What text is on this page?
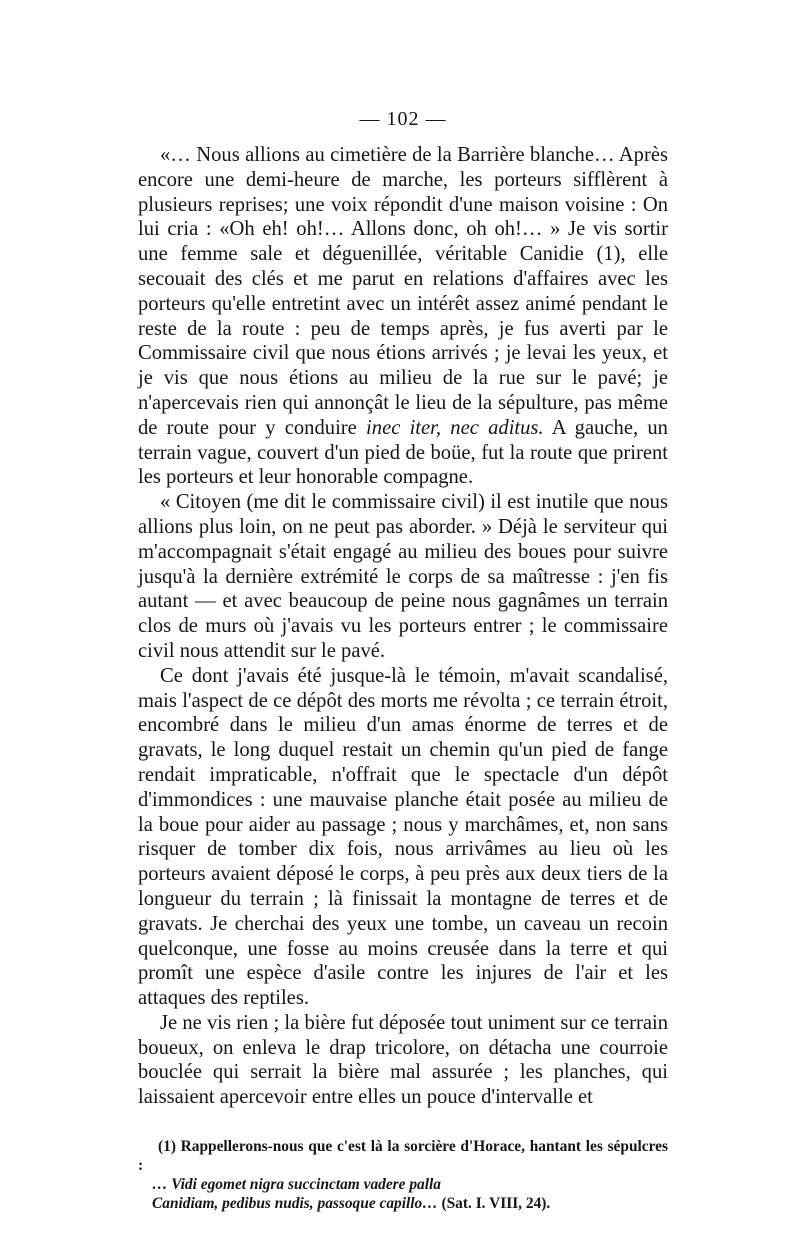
— 102 —

«… Nous allions au cimetière de la Barrière blanche… Après encore une demi-heure de marche, les porteurs sifflèrent à plusieurs reprises; une voix répondit d'une maison voisine : On lui cria : «Oh eh! oh!… Allons donc, oh oh!… » Je vis sortir une femme sale et déguenillée, véritable Canidie (1), elle secouait des clés et me parut en relations d'affaires avec les porteurs qu'elle entretint avec un intérêt assez animé pendant le reste de la route : peu de temps après, je fus averti par le Commissaire civil que nous étions arrivés ; je levai les yeux, et je vis que nous étions au milieu de la rue sur le pavé; je n'apercevais rien qui annonçât le lieu de la sépulture, pas même de route pour y conduire inec iter, nec aditus. A gauche, un terrain vague, couvert d'un pied de boüe, fut la route que prirent les porteurs et leur honorable compagne.

« Citoyen (me dit le commissaire civil) il est inutile que nous allions plus loin, on ne peut pas aborder. » Déjà le serviteur qui m'accompagnait s'était engagé au milieu des boues pour suivre jusqu'à la dernière extrémité le corps de sa maîtresse : j'en fis autant — et avec beaucoup de peine nous gagnâmes un terrain clos de murs où j'avais vu les porteurs entrer ; le commissaire civil nous attendit sur le pavé.

Ce dont j'avais été jusque-là le témoin, m'avait scandalisé, mais l'aspect de ce dépôt des morts me révolta ; ce terrain étroit, encombré dans le milieu d'un amas énorme de terres et de gravats, le long duquel restait un chemin qu'un pied de fange rendait impraticable, n'offrait que le spectacle d'un dépôt d'immondices : une mauvaise planche était posée au milieu de la boue pour aider au passage ; nous y marchâmes, et, non sans risquer de tomber dix fois, nous arrivâmes au lieu où les porteurs avaient déposé le corps, à peu près aux deux tiers de la longueur du terrain ; là finissait la montagne de terres et de gravats. Je cherchai des yeux une tombe, un caveau un recoin quelconque, une fosse au moins creusée dans la terre et qui promît une espèce d'asile contre les injures de l'air et les attaques des reptiles.

Je ne vis rien ; la bière fut déposée tout uniment sur ce terrain boueux, on enleva le drap tricolore, on détacha une courroie bouclée qui serrait la bière mal assurée ; les planches, qui laissaient apercevoir entre elles un pouce d'intervalle et

(1) Rappellerons-nous que c'est là la sorcière d'Horace, hantant les sépulcres :

… Vidi egomet nigra succinctam vadere palla

Canidiam, pedibus nudis, passoque capillo… (Sat. I. VIII, 24).
